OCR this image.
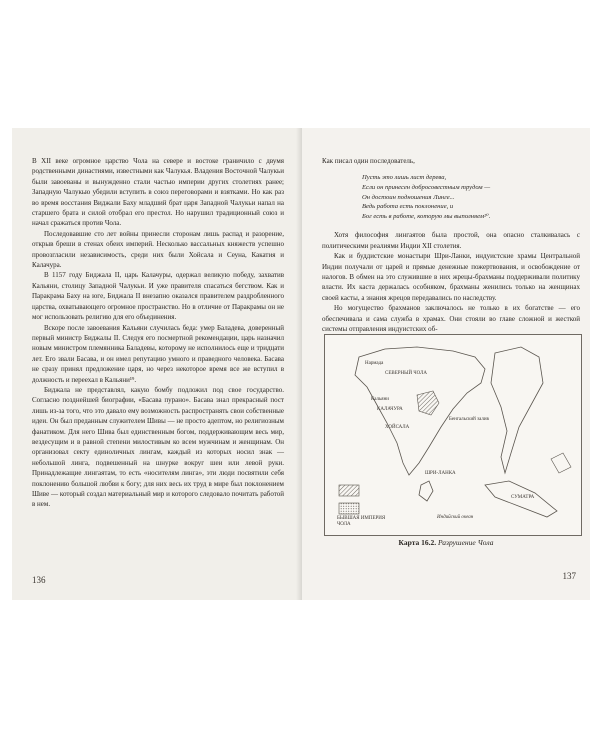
В XII веке огромное царство Чола на севере и востоке граничило с двумя родственными династиями, известными как Чалукья. Владения Восточной Чалукьи были завоеваны и вынужденно стали частью империи других столетиях ранее; Западную Чалукью убедили вступить в союз переговорами и взятками. Но как раз во время восстания Виджали Баху младший брат царя Западной Чалукьи напал на старшего брата и силой отобрал его престол. Но нарушил традиционный союз и начал сражаться против Чола.

Последовавшие сто лет войны принесли сторонам лишь распад и разорение, открыв бреши в стенах обеих империй. Несколько вассальных княжеств успешно провозгласили независимость, среди них были Хойсала и Сеуна, Какатия и Калачура.

В 1157 году Биджала II, царь Калачуры, одержал великую победу, захватив Кальяни, столицу Западной Чалукьи. И уже правителя спасаться бегством. Как и Паракрама Баху на юге, Биджала II внезапно оказался правителем раздробленного царства, охватывающего огромное пространство. Но в отличие от Паракрамы он не мог использовать религию для его объединения.

Вскоре после завоевания Кальяни случилась беда: умер Баладева, доверенный первый министр Биджалы II. Следуя его посмертной рекомендации, царь назначил новым министром племянника Баладевы, которому не исполнилось еще и тридцати лет. Его звали Басава, и он имел репутацию умного и праведного человека. Басава не сразу принял предложение царя, но через некоторое время все же вступил в должность и переехал в Кальяни¹⁹.

Биджала не представлял, какую бомбу подложил под свое государство. Согласно позднейшей биографии, «Басава пурано». Басава знал прекрасный пост лишь из-за того, что это давало ему возможность распространять свои собственные идеи. Он был преданным служителем Шивы — не просто адептом, но религиозным фанатиком. Для него Шива был единственным богом, поддерживающим весь мир, вездесущим и в равной степени милостивым ко всем мужчинам и женщинам. Он организовал секту единоличных лингам, каждый из которых носил знак — небольшой линга, подвешенный на шнурке вокруг шеи или левой руки. Принадлежащие лингаятам, то есть «носителям линга», эти люди посвятили себя поклонению большой любви к богу; для них весь их труд в мире был поклонением Шиве — который создал материальный мир и которого следовало почитать работой в нем.

136

Как писал один последователь,

Пусть это лишь лист дерева,
Если он принесен добросовестным трудом —
Он достоин подношения Линге...
Ведь работа есть поклонение, и
Бог есть в работе, которую мы выполняем²⁰.

Хотя философия лингаятов была простой, она опасно сталкивалась с политическими реалиями Индии XII столетия.

Как и буддистские монастыри Шри-Ланки, индуистские храмы Центральной Индии получали от царей и прямые денежные пожертвования, и освобождение от налогов. В обмен на это служившие в них жрецы-брахманы поддерживали политику власти. Их каста держалась особняком, брахманы женились только на женщинах своей касты, а знания жрецов передавались по наследству.

Но могущество брахманов заключалось не только в их богатстве — его обеспечивала и сама служба в храмах. Они стояли во главе сложной и жесткой системы отправления индуистских об-

Нармада
СЕВЕРНЫЙ ЧОЛА
Кальяни
КАЛАЧУРА
ХОЙСАЛА
Бенгальский залив
ШРИ-ЛАНКА
Индийский океан
СУМАТРА
БЫВШАЯ ИМПЕРИЯ ЧОЛА
Карта 16.2. Разрушение Чола
137
